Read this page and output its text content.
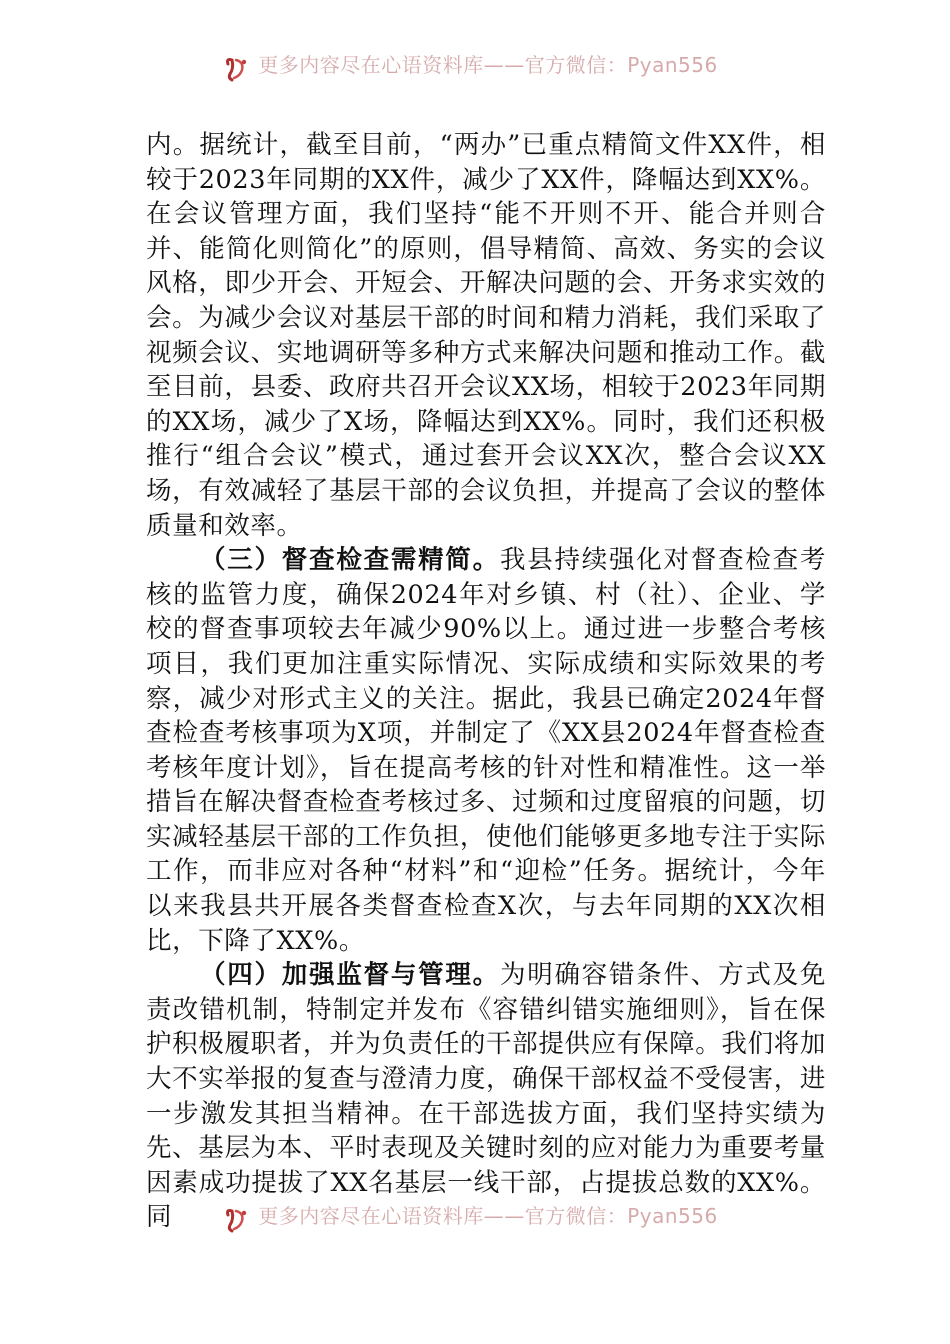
更多内容尽在心语资料库——官方微信：Pyan556

内。据统计，截至目前，“两办”已重点精简文件XX件，相较于2023年同期的XX件，减少了XX件，降幅达到XX%。在会议管理方面，我们坚持“能不开则不开、能合并则合并、能简化则简化”的原则，倡导精简、高效、务实的会议风格，即少开会、开短会、开解决问题的会、开务求实效的会。为减少会议对基层干部的时间和精力消耗，我们采取了视频会议、实地调研等多种方式来解决问题和推动工作。截至目前，县委、政府共召开会议XX场，相较于2023年同期的XX场，减少了X场，降幅达到XX%。同时，我们还积极推行“组合会议”模式，通过套开会议XX次，整合会议XX场，有效减轻了基层干部的会议负担，并提高了会议的整体质量和效率。

（三）督查检查需精简。我县持续强化对督查检查考核的监管力度，确保2024年对乡镇、村（社）、企业、学校的督查事项较去年减少90%以上。通过进一步整合考核项目，我们更加注重实际情况、实际成绩和实际效果的考察，减少对形式主义的关注。据此，我县已确定2024年督查检查考核事项为X项，并制定了《XX县2024年督查检查考核年度计划》，旨在提高考核的针对性和精准性。这一举措旨在解决督查检查考核过多、过频和过度留痕的问题，切实减轻基层干部的工作负担，使他们能够更多地专注于实际工作，而非应对各种“材料”和“迎检”任务。据统计，今年以来我县共开展各类督查检查X次，与去年同期的XX次相比，下降了XX%。

（四）加强监督与管理。为明确容错条件、方式及免责改错机制，特制定并发布《容错纠错实施细则》，旨在保护积极履职者，并为负责任的干部提供应有保障。我们将加大不实举报的复查与澄清力度，确保干部权益不受侵害，进一步激发其担当精神。在干部选拔方面，我们坚持实绩为先、基层为本、平时表现及关键时刻的应对能力为重要考量因素成功提拔了XX名基层一线干部，占提拔总数的XX%。同	更多内容尽在心语资料库——官方微信：Pyan556
